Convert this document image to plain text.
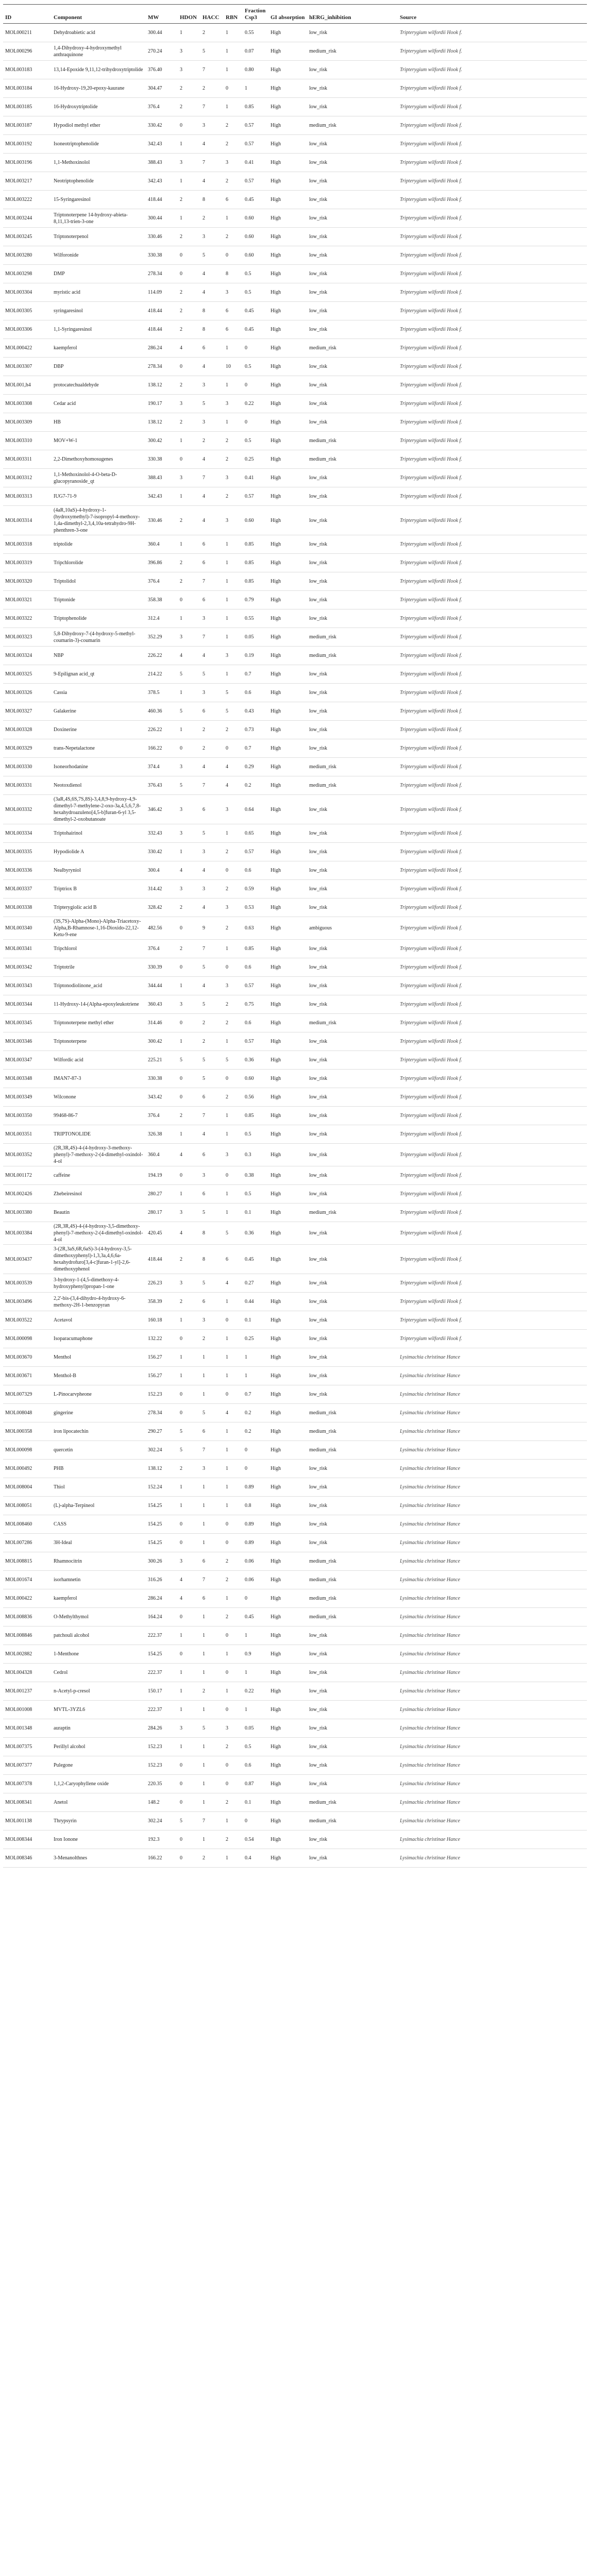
ID	Component	MW	HDON	HACC	RBN	Fraction Csp3	GI absorption	hERG_inhibition	Source
MOL000211	Dehydroabietic acid	300.44	1	2	1	0.55	High	low_risk	Tripterygium wilfordii Hook f.
MOL000296	1,4-Dihydroxy-4-hydroxymethyl anthraquinone	270.24	3	5	1	0.07	High	medium_risk	Tripterygium wilfordii Hook f.
MOL003183	13,14-Epoxide 9,11,12-trihydroxytriptolide	376.40	3	7	1	0.80	High	low_risk	Tripterygium wilfordii Hook f.
MOL003184	16-Hydroxy-19,20-epoxy-kaurane	304.47	2	2	0	1	High	low_risk	Tripterygium wilfordii Hook f.
MOL003185	16-Hydroxytriptolide	376.4	2	7	1	0.85	High	low_risk	Tripterygium wilfordii Hook f.
MOL003187	Hypodiol methyl ether	330.42	0	3	2	0.57	High	medium_risk	Tripterygium wilfordii Hook f.
MOL003192	Isoneotriptophenolide	342.43	1	4	2	0.57	High	low_risk	Tripterygium wilfordii Hook f.
MOL003196	1,1-Methoxinolol	388.43	3	7	3	0.41	High	low_risk	Tripterygium wilfordii Hook f.
MOL003217	Neotriptophenolide	342.43	1	4	2	0.57	High	low_risk	Tripterygium wilfordii Hook f.
MOL003222	15-Syringaresinol	418.44	2	8	6	0.45	High	low_risk	Tripterygium wilfordii Hook f.
MOL003244	Triptonoterpene 14-hydroxy-abieta-8,11,13-trien-3-one	300.44	1	2	1	0.60	High	low_risk	Tripterygium wilfordii Hook f.
MOL003245	Triptonoterpenol	330.46	2	3	2	0.60	High	low_risk	Tripterygium wilfordii Hook f.
MOL003280	Wilforonide	330.38	0	5	0	0.60	High	low_risk	Tripterygium wilfordii Hook f.
MOL003298	DMP	278.34	0	4	8	0.5	High	low_risk	Tripterygium wilfordii Hook f.
MOL003304	myristic acid	114.09	2	4	3	0.5	High	low_risk	Tripterygium wilfordii Hook f.
MOL003305	syringaresinol	418.44	2	8	6	0.45	High	low_risk	Tripterygium wilfordii Hook f.
MOL003306	1,1-Syringaresinol	418.44	2	8	6	0.45	High	low_risk	Tripterygium wilfordii Hook f.
MOL000422	kaempferol	286.24	4	6	1	0	High	medium_risk	Tripterygium wilfordii Hook f.
MOL003307	DBP	278.34	0	4	10	0.5	High	low_risk	Tripterygium wilfordii Hook f.
MOL001,h4	protocatechualdehyde	138.12	2	3	1	0	High	low_risk	Tripterygium wilfordii Hook f.
MOL003308	Cedar acid	190.17	3	5	3	0.22	High	low_risk	Tripterygium wilfordii Hook f.
MOL003309	HB	138.12	2	3	1	0	High	low_risk	Tripterygium wilfordii Hook f.
MOL003310	MOV+W-1	300.42	1	2	2	0.5	High	medium_risk	Tripterygium wilfordii Hook f.
MOL003311	2,2-Dimethoxyhomosugenes	330.38	0	4	2	0.25	High	medium_risk	Tripterygium wilfordii Hook f.
MOL003312	1,1-Methoxinolol-4-O-beta-D-glucopyranoside_qt	388.43	3	7	3	0.41	High	low_risk	Tripterygium wilfordii Hook f.
MOL003313	IUG7-71-9	342.43	1	4	2	0.57	High	low_risk	Tripterygium wilfordii Hook f.
MOL003314	(4aR,10aS)-4-hydroxy-1-(hydroxymethyl)-7-isopropyl-4-methoxy-1,4a-dimethyl-2,3,4,10a-tetrahydro-9H-phenthren-3-one	330.46	2	4	3	0.60	High	low_risk	Tripterygium wilfordii Hook f.
MOL003318	triptolide	360.4	1	6	1	0.85	High	low_risk	Tripterygium wilfordii Hook f.
MOL003319	Tripchlorolide	396.86	2	6	1	0.85	High	low_risk	Tripterygium wilfordii Hook f.
MOL003320	Triptolidol	376.4	2	7	1	0.85	High	low_risk	Tripterygium wilfordii Hook f.
MOL003321	Triptonide	358.38	0	6	1	0.79	High	low_risk	Tripterygium wilfordii Hook f.
MOL003322	Triptophenolide	312.4	1	3	1	0.55	High	low_risk	Tripterygium wilfordii Hook f.
MOL003323	5,8-Dihydroxy-7-(4-hydroxy-5-methyl-coumarin-3)-coumarin	352.29	3	7	1	0.05	High	medium_risk	Tripterygium wilfordii Hook f.
MOL003324	NBP	226.22	4	4	3	0.19	High	medium_risk	Tripterygium wilfordii Hook f.
MOL003325	9-Epilignan acid_qt	214.22	5	5	1	0.7	High	low_risk	Tripterygium wilfordii Hook f.
MOL003326	Cassia	378.5	1	3	5	0.6	High	low_risk	Tripterygium wilfordii Hook f.
MOL003327	Galakerine	460.36	5	6	5	0.43	High	low_risk	Tripterygium wilfordii Hook f.
MOL003328	Doxinerine	226.22	1	2	2	0.73	High	low_risk	Tripterygium wilfordii Hook f.
MOL003329	trans-Nepetalactone	166.22	0	2	0	0.7	High	low_risk	Tripterygium wilfordii Hook f.
MOL003330	Isoneorhodanine	374.4	3	4	4	0.29	High	medium_risk	Tripterygium wilfordii Hook f.
MOL003331	Neotoxdienol	376.43	5	7	4	0.2	High	medium_risk	Tripterygium wilfordii Hook f.
MOL003332	(3aR,4S,6S,7S,8S)-3,4,8,9-hydroxy-4,9-dimethyl-7-methylene-2-oxo-3a,4,5,6,7,8-hexahydroazuleno[4,5-b]furan-6-yl 3,5-dimethyl-2-oxobutanoate	346.42	3	6	3	0.64	High	low_risk	Tripterygium wilfordii Hook f.
MOL003334	Triptohairinol	332.43	3	5	1	0.65	High	low_risk	Tripterygium wilfordii Hook f.
MOL003335	Hypodiolide A	330.42	1	3	2	0.57	High	low_risk	Tripterygium wilfordii Hook f.
MOL003336	Nealbyryniol	300.4	4	4	0	0.6	High	low_risk	Tripterygium wilfordii Hook f.
MOL003337	Triptriox B	314.42	3	3	2	0.59	High	low_risk	Tripterygium wilfordii Hook f.
MOL003338	Tripterygiolic acid B	328.42	2	4	3	0.53	High	low_risk	Tripterygium wilfordii Hook f.
MOL003340	(3S,7S)-Alpha-(Mono)-Alpha-Triacetoxy-Alpha,B-Rhamnose-1,16-Dioxido-22,12-Ketu-9-ene	482.56	0	9	2	0.63	High	ambiguous	Tripterygium wilfordii Hook f.
MOL003341	Tripchlorol	376.4	2	7	1	0.85	High	low_risk	Tripterygium wilfordii Hook f.
MOL003342	Triptotrile	330.39	0	5	0	0.6	High	low_risk	Tripterygium wilfordii Hook f.
MOL003343	Triptonodiolinone_acid	344.44	1	4	3	0.57	High	low_risk	Tripterygium wilfordii Hook f.
MOL003344	11-Hydroxy-14-(Alpha-epoxyleukotriene	360.43	3	5	2	0.75	High	low_risk	Tripterygium wilfordii Hook f.
MOL003345	Triptonoterpene methyl ether	314.46	0	2	2	0.6	High	medium_risk	Tripterygium wilfordii Hook f.
MOL003346	Triptonoterpene	300.42	1	2	1	0.57	High	low_risk	Tripterygium wilfordii Hook f.
MOL003347	Wilfordic acid	225.21	5	5	5	0.36	High	low_risk	Tripterygium wilfordii Hook f.
MOL003348	IMAN7-87-3	330.38	0	5	0	0.60	High	low_risk	Tripterygium wilfordii Hook f.
MOL003349	Wilconone	343.42	0	6	2	0.56	High	low_risk	Tripterygium wilfordii Hook f.
MOL003350	99468-86-7	376.4	2	7	1	0.85	High	low_risk	Tripterygium wilfordii Hook f.
MOL003351	TRIPTONOLIDE	326.38	1	4	1	0.5	High	low_risk	Tripterygium wilfordii Hook f.
MOL003352	(2R,3R,4S)-4-(4-hydroxy-3-methoxy-phenyl)-7-methoxy-2-(4-dimethyl-oxindol-4-ol	360.4	4	6	3	0.3	High	low_risk	Tripterygium wilfordii Hook f.
MOL001172	caffeine	194.19	0	3	0	0.38	High	low_risk	Tripterygium wilfordii Hook f.
MOL002426	Zhebeiresinol	280.27	1	6	1	0.5	High	low_risk	Tripterygium wilfordii Hook f.
MOL003380	Beautin	280.17	3	5	1	0.1	High	medium_risk	Tripterygium wilfordii Hook f.
MOL003384	(2R,3R,4S)-4-(4-hydroxy-3,5-dimethoxy-phenyl)-7-methoxy-2-(4-dimethyl-oxindol-4-ol	420.45	4	8	5	0.36	High	low_risk	Tripterygium wilfordii Hook f.
MOL003437	3-(2R,3aS,6R,6aS)-3-(4-hydroxy-3,5-dimethoxyphenyl)-1,3,3a,4,6,6a-hexahydrofuro[3,4-c]furan-1-yl]-2,6-dimethoxyphenol	418.44	2	8	6	0.45	High	low_risk	Tripterygium wilfordii Hook f.
MOL003539	3-hydroxy-1-(4,5-dimethoxy-4-hydroxyphenyl)propan-1-one	226.23	3	5	4	0.27	High	low_risk	Tripterygium wilfordii Hook f.
MOL003496	2,2'-bis-(3,4-dihydro-4-hydroxy-6-methoxy-2H-1-benzopyran	358.39	2	6	1	0.44	High	low_risk	Tripterygium wilfordii Hook f.
MOL003522	Acetavol	160.18	1	3	0	0.1	High	low_risk	Tripterygium wilfordii Hook f.
MOL000098	Isoparacumaphone	132.22	0	2	1	0.25	High	low_risk	Tripterygium wilfordii Hook f.
MOL003670	Menthol	156.27	1	1	1	1	High	low_risk	Lysimachia christinae Hance
MOL003671	Menthol-B	156.27	1	1	1	1	High	low_risk	Lysimachia christinae Hance
MOL007329	L-Pinocarvpheone	152.23	0	1	0	0.7	High	low_risk	Lysimachia christinae Hance
MOL008048	gingerine	278.34	0	5	4	0.2	High	medium_risk	Lysimachia christinae Hance
MOL000358	iron lipocatechin	290.27	5	6	1	0.2	High	medium_risk	Lysimachia christinae Hance
MOL000098	quercetin	302.24	5	7	1	0	High	medium_risk	Lysimachia christinae Hance
MOL000492	PHB	138.12	2	3	1	0	High	low_risk	Lysimachia christinae Hance
MOL008004	Thiol	152.24	1	1	1	0.89	High	low_risk	Lysimachia christinae Hance
MOL008051	(L)-alpha-Terpineol	154.25	1	1	1	0.8	High	low_risk	Lysimachia christinae Hance
MOL008460	CASS	154.25	0	1	0	0.89	High	low_risk	Lysimachia christinae Hance
MOL007286	3H-Ideal	154.25	0	1	0	0.89	High	low_risk	Lysimachia christinae Hance
MOL008815	Rhamnocitrin	300.26	3	6	2	0.06	High	medium_risk	Lysimachia christinae Hance
MOL001674	isorhamnetin	316.26	4	7	2	0.06	High	medium_risk	Lysimachia christinae Hance
MOL000422	kaempferol	286.24	4	6	1	0	High	medium_risk	Lysimachia christinae Hance
MOL008836	O-Methylthymol	164.24	0	1	2	0.45	High	medium_risk	Lysimachia christinae Hance
MOL008846	patchouli alcohol	222.37	1	1	0	1	High	low_risk	Lysimachia christinae Hance
MOL002882	1-Menthone	154.25	0	1	1	0.9	High	low_risk	Lysimachia christinae Hance
MOL004328	Cedrol	222.37	1	1	0	1	High	low_risk	Lysimachia christinae Hance
MOL001237	n-Acetyl-p-cresol	150.17	1	2	1	0.22	High	low_risk	Lysimachia christinae Hance
MOL001008	MVTL-3YZL6	222.37	1	1	0	1	High	low_risk	Lysimachia christinae Hance
MOL001348	auraptin	284.26	3	5	3	0.05	High	low_risk	Lysimachia christinae Hance
MOL007375	Perillyl alcohol	152.23	1	1	2	0.5	High	low_risk	Lysimachia christinae Hance
MOL007377	Pulegone	152.23	0	1	0	0.6	High	low_risk	Lysimachia christinae Hance
MOL007378	1,1,2-Caryophyllene oxide	220.35	0	1	0	0.87	High	low_risk	Lysimachia christinae Hance
MOL008341	Anetol	148.2	0	1	2	0.1	High	medium_risk	Lysimachia christinae Hance
MOL001138	Thrypsyrin	302.24	5	7	1	0	High	medium_risk	Lysimachia christinae Hance
MOL008344	Iron Ionone	192.3	0	1	2	0.54	High	low_risk	Lysimachia christinae Hance
MOL008346	3-Menanolthnes	166.22	0	2	1	0.4	High	low_risk	Lysimachia christinae Hance
